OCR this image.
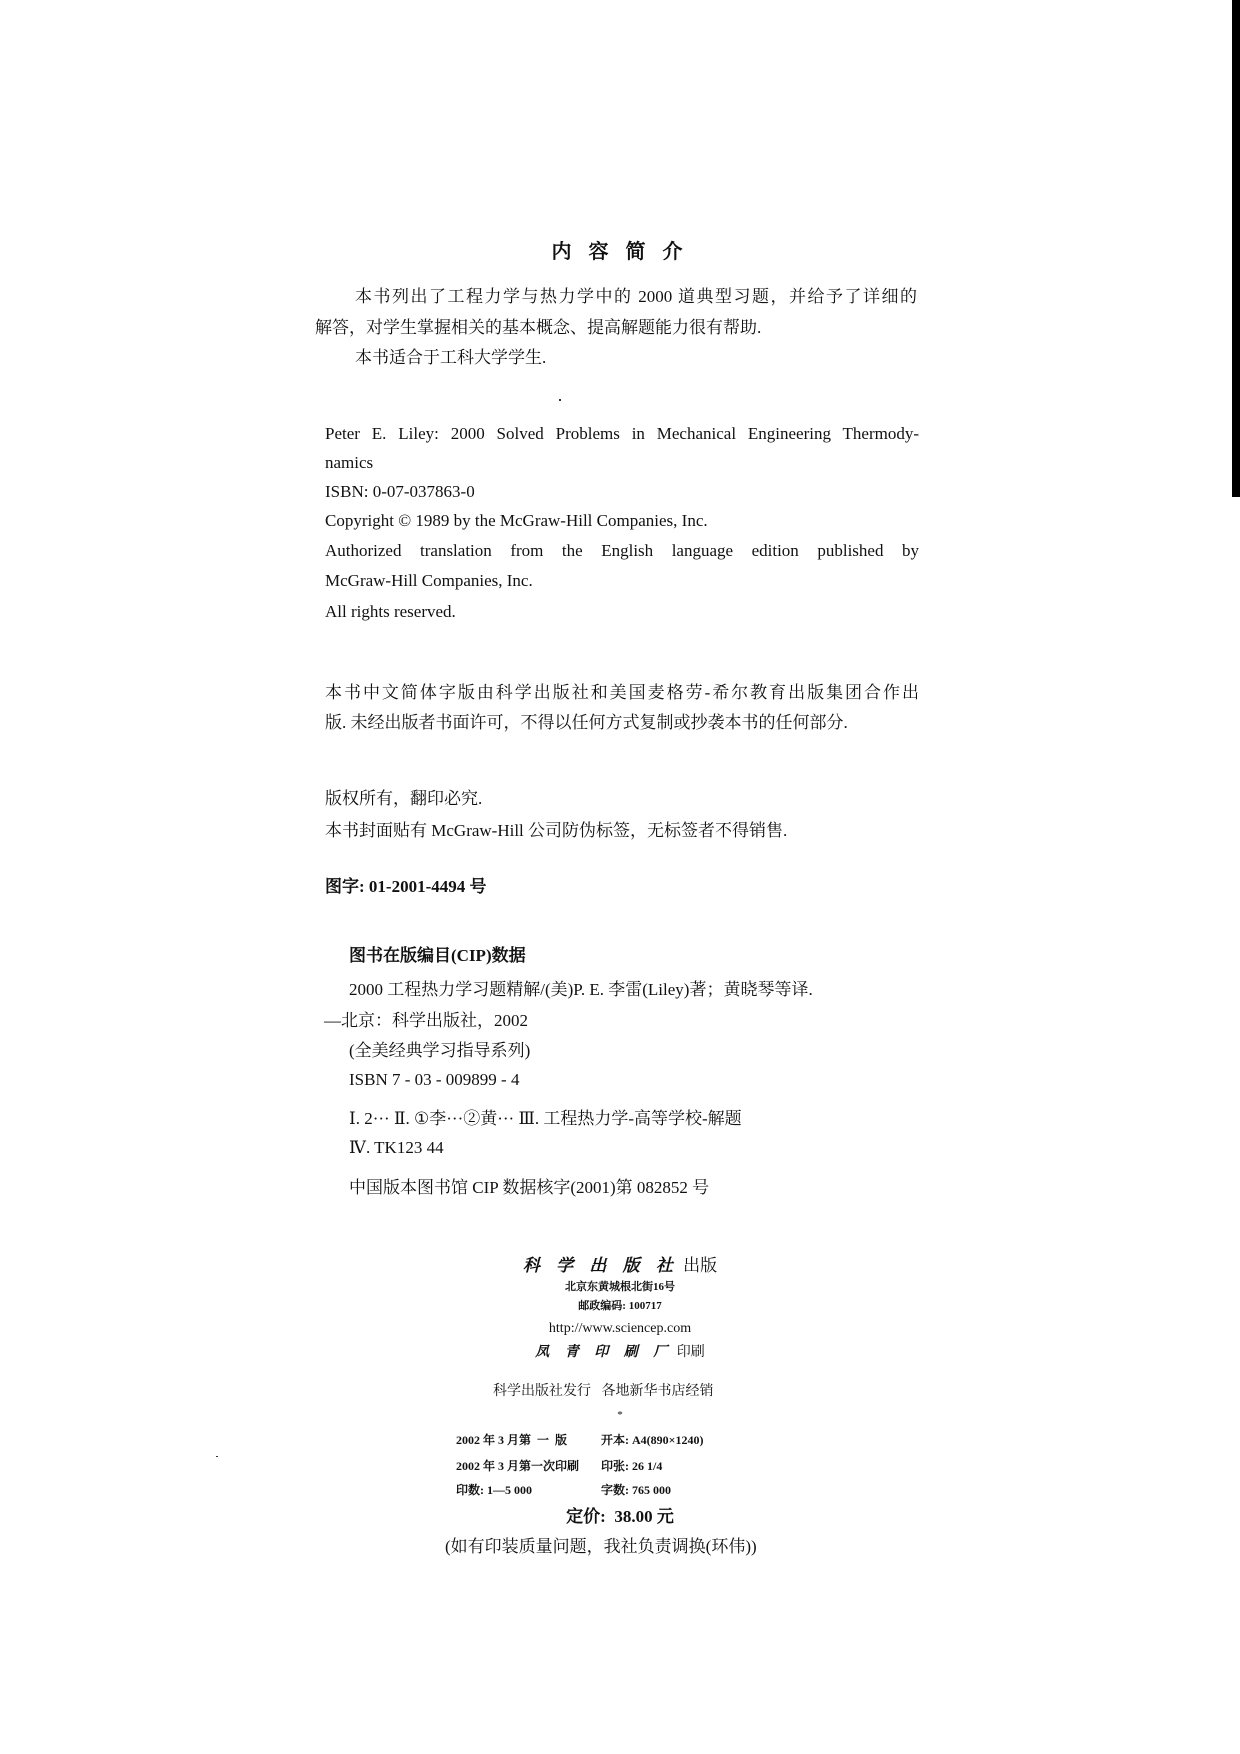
内 容 简 介
本书列出了工程力学与热力学中的 2000 道典型习题，并给予了详细的
解答，对学生掌握相关的基本概念、提高解题能力很有帮助.
本书适合于工科大学学生.
Peter E. Liley: 2000 Solved Problems in Mechanical Engineering Thermody-
namics
ISBN: 0-07-037863-0
Copyright © 1989 by the McGraw-Hill Companies, Inc.
Authorized translation from the English language edition published by
McGraw-Hill Companies, Inc.
All rights reserved.
本书中文简体字版由科学出版社和美国麦格劳-希尔教育出版集团合作出
版. 未经出版者书面许可，不得以任何方式复制或抄袭本书的任何部分.
版权所有，翻印必究.
本书封面贴有 McGraw-Hill 公司防伪标签，无标签者不得销售.
图字: 01-2001-4494 号
图书在版编目(CIP)数据
2000 工程热力学习题精解/(美)P. E. 李雷(Liley)著；黄晓琴等译.
—北京：科学出版社，2002
(全美经典学习指导系列)
ISBN 7 - 03 - 009899 - 4
Ⅰ. 2··· Ⅱ. ①李···②黄··· Ⅲ. 工程热力学-高等学校-解题
Ⅳ. TK123 44
中国版本图书馆 CIP 数据核字(2001)第 082852 号
科 学 出 版 社 出版
北京东黄城根北街16号
邮政编码: 100717
http://www.sciencep.com
凤 青 印 刷 厂 印刷
科学出版社发行   各地新华书店经销
*
2002 年 3 月第  一  版	开本: A4(890×1240)
2002 年 3 月第一次印刷 印张: 26 1/4
印数: 1—5 000	字数: 765 000
定价:  38.00 元
(如有印装质量问题，我社负责调换(环伟))
